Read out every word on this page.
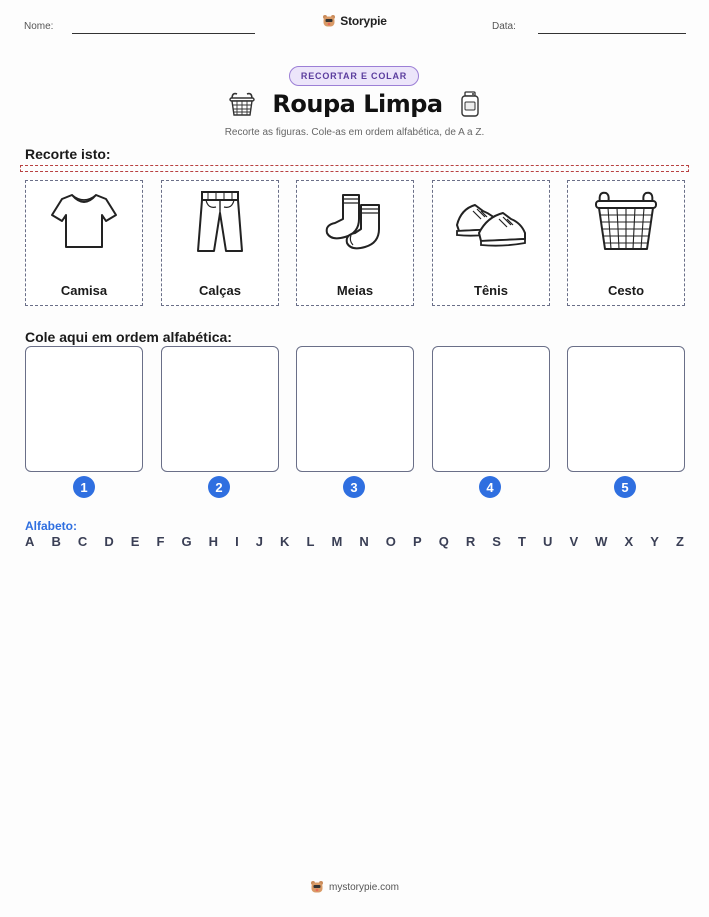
Nome:	Storypie	Data:
RECORTAR E COLAR
Roupa Limpa
Recorte as figuras. Cole-as em ordem alfabética, de A a Z.
Recorte isto:
Camisa	Calças	Meias	Tênis	Cesto
Cole aqui em ordem alfabética:
1	2	3	4	5
Alfabeto:
A B C D E F G H I J K L M N O P Q R S T U V W X Y Z
mystorypie.com
